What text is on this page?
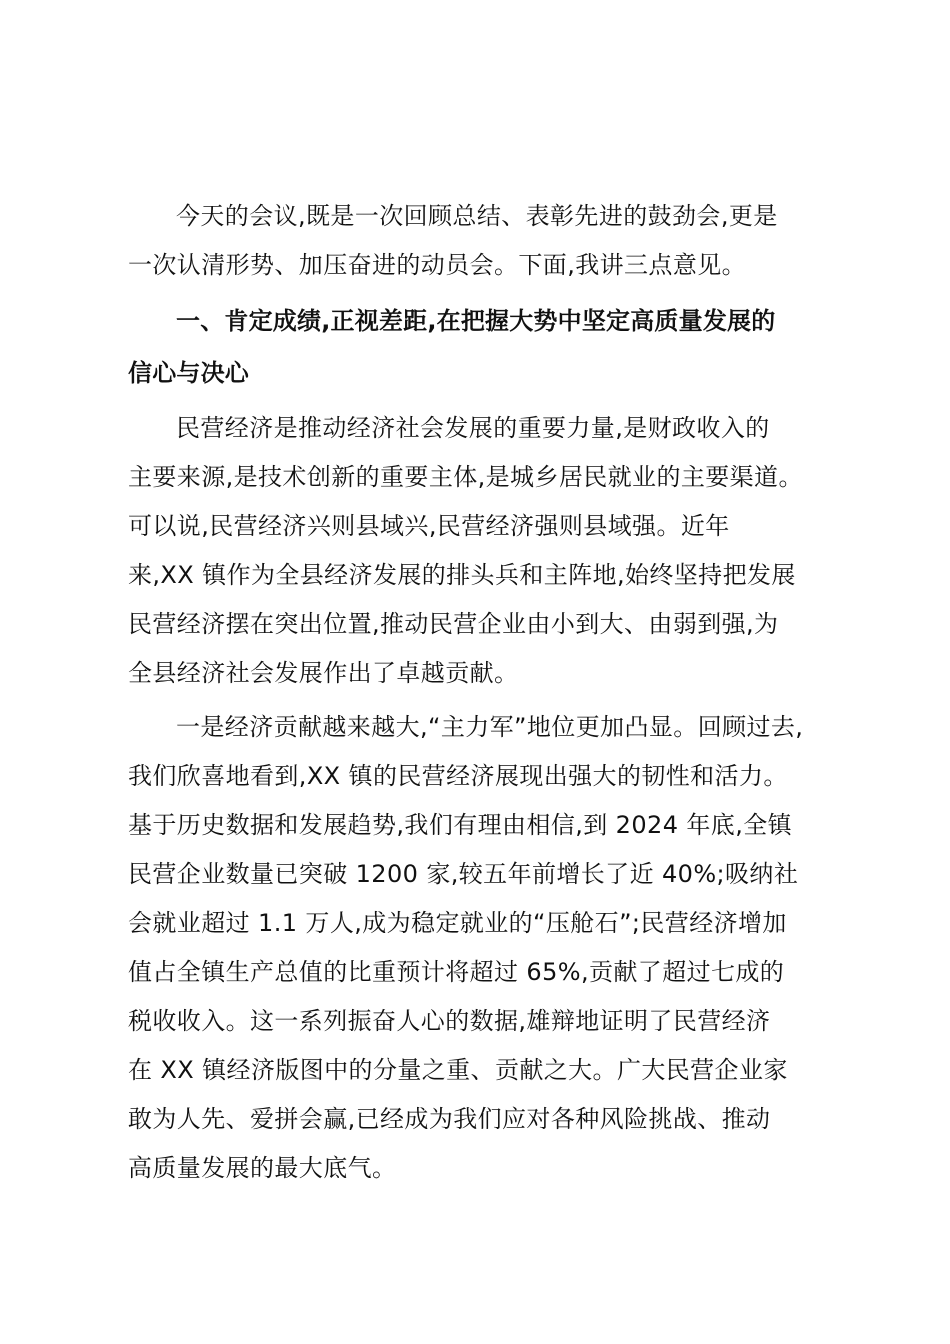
今天的会议,既是一次回顾总结、表彰先进的鼓劲会,更是
一次认清形势、加压奋进的动员会。下面,我讲三点意见。

一、肯定成绩,正视差距,在把握大势中坚定高质量发展的
信心与决心

民营经济是推动经济社会发展的重要力量,是财政收入的
主要来源,是技术创新的重要主体,是城乡居民就业的主要渠道。
可以说,民营经济兴则县域兴,民营经济强则县域强。近年
来,XX 镇作为全县经济发展的排头兵和主阵地,始终坚持把发展
民营经济摆在突出位置,推动民营企业由小到大、由弱到强,为
全县经济社会发展作出了卓越贡献。

一是经济贡献越来越大,“主力军”地位更加凸显。回顾过去,
我们欣喜地看到,XX 镇的民营经济展现出强大的韧性和活力。
基于历史数据和发展趋势,我们有理由相信,到 2024 年底,全镇
民营企业数量已突破 1200 家,较五年前增长了近 40%;吸纳社
会就业超过 1.1 万人,成为稳定就业的“压舱石”;民营经济增加
值占全镇生产总值的比重预计将超过 65%,贡献了超过七成的
税收收入。这一系列振奋人心的数据,雄辩地证明了民营经济
在 XX 镇经济版图中的分量之重、贡献之大。广大民营企业家
敢为人先、爱拼会赢,已经成为我们应对各种风险挑战、推动
高质量发展的最大底气。
